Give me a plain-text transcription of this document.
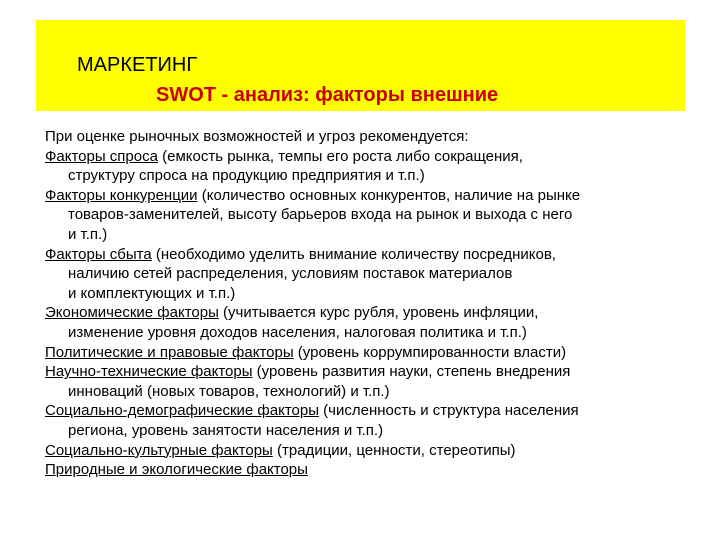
МАРКЕТИНГ
SWOT - анализ: факторы внешние

При оценке рыночных возможностей и угроз рекомендуется:

Факторы спроса (емкость рынка, темпы его роста либо сокращения,
структуру спроса на продукцию предприятия и т.п.)

Факторы конкуренции (количество основных конкурентов, наличие на рынке
товаров-заменителей, высоту барьеров входа на рынок и выхода с него
и т.п.)

Факторы сбыта (необходимо уделить внимание количеству посредников,
наличию сетей распределения, условиям поставок материалов
и комплектующих и т.п.)

Экономические факторы (учитывается курс рубля, уровень инфляции,
изменение уровня доходов населения, налоговая политика и т.п.)

Политические и правовые факторы (уровень коррумпированности власти)

Научно-технические факторы (уровень развития науки, степень внедрения
инноваций (новых товаров, технологий) и т.п.)

Социально-демографические факторы (численность и структура населения
региона, уровень занятости населения и т.п.)

Социально-культурные факторы (традиции, ценности, стереотипы)

Природные и экологические факторы
